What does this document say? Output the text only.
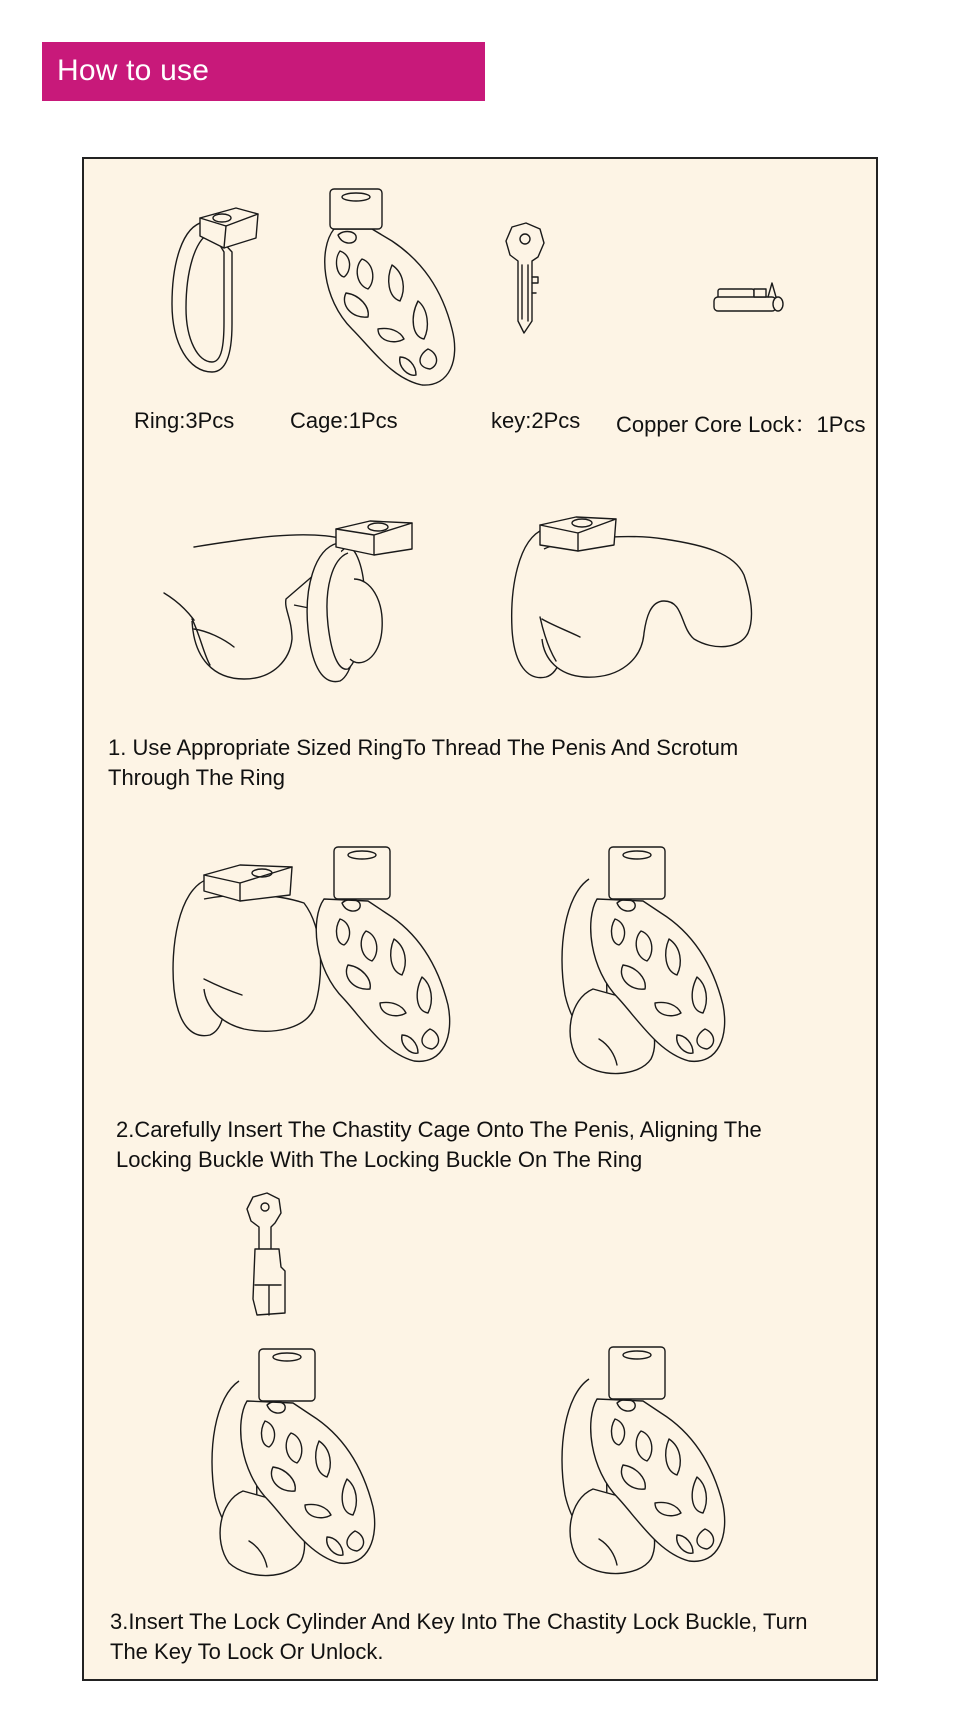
How to use
Ring:3Pcs	Cage:1Pcs	key:2Pcs Copper Core Lock：1Pcs
1. Use Appropriate Sized RingTo Thread The Penis And Scrotum Through The Ring
2.Carefully Insert The Chastity Cage Onto The Penis, Aligning The Locking Buckle With The Locking Buckle On The Ring
3.Insert The Lock Cylinder And Key Into The Chastity Lock Buckle, Turn The Key To Lock Or Unlock.
